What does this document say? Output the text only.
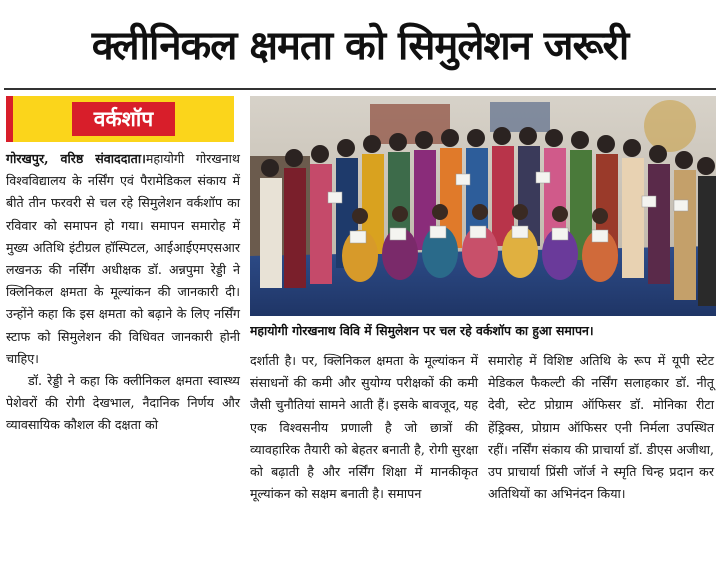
क्लीनिकल क्षमता को सिमुलेशन जरूरी
वर्कशॉप

गोरखपुर, वरिष्ठ संवाददाता।महायोगी गोरखनाथ विश्वविद्यालय के नर्सिंग एवं पैरामेडिकल संकाय में बीते तीन फरवरी से चल रहे सिमुलेशन वर्कशॉप का रविवार को समापन हो गया। समापन समारोह में मुख्य अतिथि इंटीग्रल हॉस्पिटल, आईआईएमएसआर लखनऊ की नर्सिंग अधीक्षक डॉ. अन्नपुमा रेड्डी ने क्लिनिकल क्षमता के मूल्यांकन की जानकारी दी। उन्होंने कहा कि इस क्षमता को बढ़ाने के लिए नर्सिंग स्टाफ को सिमुलेशन की विधिवत जानकारी होनी चाहिए।

डॉ. रेड्डी ने कहा कि क्लीनिकल क्षमता स्वास्थ्य पेशेवरों की रोगी देखभाल, नैदानिक निर्णय और व्यावसायिक कौशल की दक्षता को

महायोगी गोरखनाथ विवि में सिमुलेशन पर चल रहे वर्कशॉप का हुआ समापन।

दर्शाती है। पर, क्लिनिकल क्षमता के मूल्यांकन में संसाधनों की कमी और सुयोग्य परीक्षकों की कमी जैसी चुनौतियां सामने आती हैं। इसके बावजूद, यह एक विश्वसनीय प्रणाली है जो छात्रों की व्यावहारिक तैयारी को बेहतर बनाती है, रोगी सुरक्षा को बढ़ाती है और नर्सिंग शिक्षा में मानकीकृत मूल्यांकन को सक्षम बनाती है। समापन

समारोह में विशिष्ट अतिथि के रूप में यूपी स्टेट मेडिकल फैकल्टी की नर्सिंग सलाहकार डॉ. नीतू देवी, स्टेट प्रोग्राम ऑफिसर डॉ. मोनिका रीटा हेंड्रिक्स, प्रोग्राम ऑफिसर एनी निर्मला उपस्थित रहीं। नर्सिंग संकाय की प्राचार्या डॉ. डीएस अजीथा, उप प्राचार्या प्रिंसी जॉर्ज ने स्मृति चिन्ह प्रदान कर अतिथियों का अभिनंदन किया।
